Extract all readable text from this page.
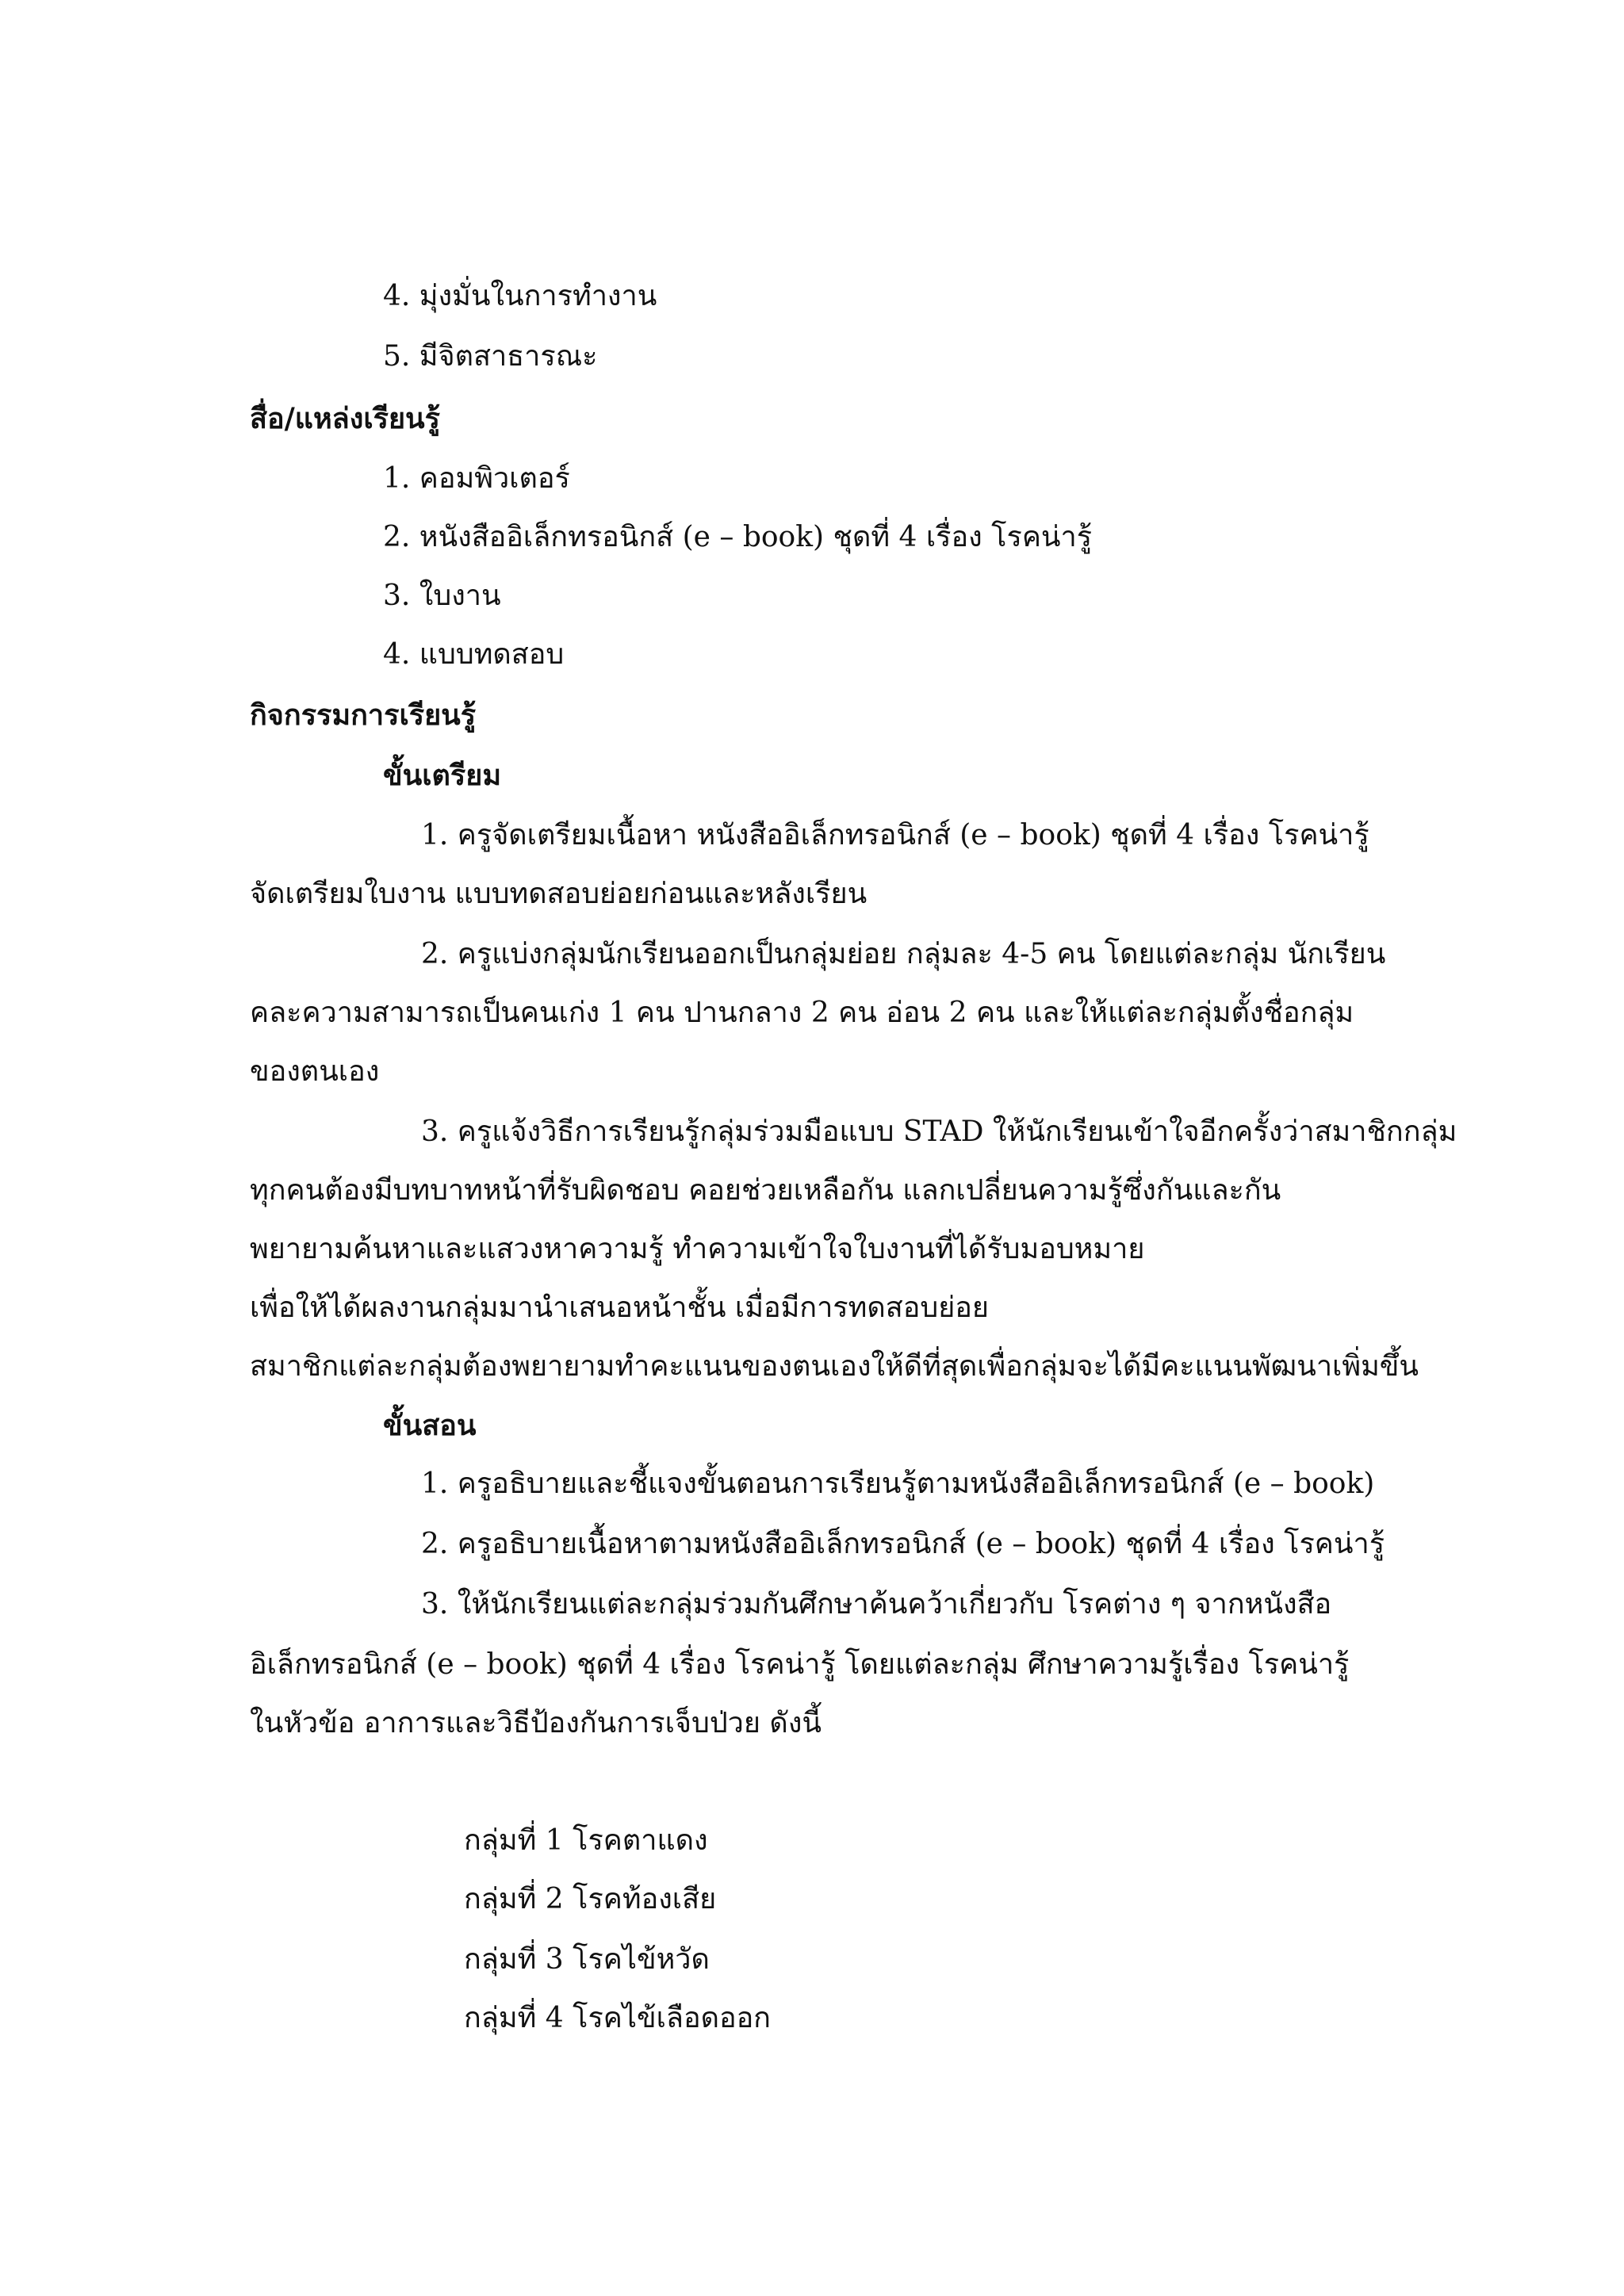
4. มุ่งมั่นในการทำงาน
5. มีจิตสาธารณะ
สื่อ/แหล่งเรียนรู้
1. คอมพิวเตอร์
2. หนังสืออิเล็กทรอนิกส์ (e – book) ชุดที่ 4 เรื่อง โรคน่ารู้
3. ใบงาน
4. แบบทดสอบ
กิจกรรมการเรียนรู้
ขั้นเตรียม
1. ครูจัดเตรียมเนื้อหา หนังสืออิเล็กทรอนิกส์ (e – book) ชุดที่ 4 เรื่อง โรคน่ารู้
จัดเตรียมใบงาน แบบทดสอบย่อยก่อนและหลังเรียน
2. ครูแบ่งกลุ่มนักเรียนออกเป็นกลุ่มย่อย กลุ่มละ 4-5 คน โดยแต่ละกลุ่ม นักเรียน
คละความสามารถเป็นคนเก่ง 1 คน ปานกลาง 2 คน อ่อน 2 คน และให้แต่ละกลุ่มตั้งชื่อกลุ่ม
ของตนเอง
3. ครูแจ้งวิธีการเรียนรู้กลุ่มร่วมมือแบบ STAD ให้นักเรียนเข้าใจอีกครั้งว่าสมาชิกกลุ่ม
ทุกคนต้องมีบทบาทหน้าที่รับผิดชอบ คอยช่วยเหลือกัน แลกเปลี่ยนความรู้ซึ่งกันและกัน
พยายามค้นหาและแสวงหาความรู้ ทำความเข้าใจใบงานที่ได้รับมอบหมาย
เพื่อให้ได้ผลงานกลุ่มมานำเสนอหน้าชั้น เมื่อมีการทดสอบย่อย
สมาชิกแต่ละกลุ่มต้องพยายามทำคะแนนของตนเองให้ดีที่สุดเพื่อกลุ่มจะได้มีคะแนนพัฒนาเพิ่มขึ้น
ขั้นสอน
1. ครูอธิบายและชี้แจงขั้นตอนการเรียนรู้ตามหนังสืออิเล็กทรอนิกส์ (e – book)
2. ครูอธิบายเนื้อหาตามหนังสืออิเล็กทรอนิกส์ (e – book) ชุดที่ 4 เรื่อง โรคน่ารู้
3. ให้นักเรียนแต่ละกลุ่มร่วมกันศึกษาค้นคว้าเกี่ยวกับ โรคต่าง ๆ จากหนังสือ
อิเล็กทรอนิกส์ (e – book) ชุดที่ 4 เรื่อง โรคน่ารู้ โดยแต่ละกลุ่ม ศึกษาความรู้เรื่อง โรคน่ารู้
ในหัวข้อ อาการและวิธีป้องกันการเจ็บป่วย ดังนี้
กลุ่มที่ 1 โรคตาแดง
กลุ่มที่ 2 โรคท้องเสีย
กลุ่มที่ 3 โรคไข้หวัด
กลุ่มที่ 4 โรคไข้เลือดออก
